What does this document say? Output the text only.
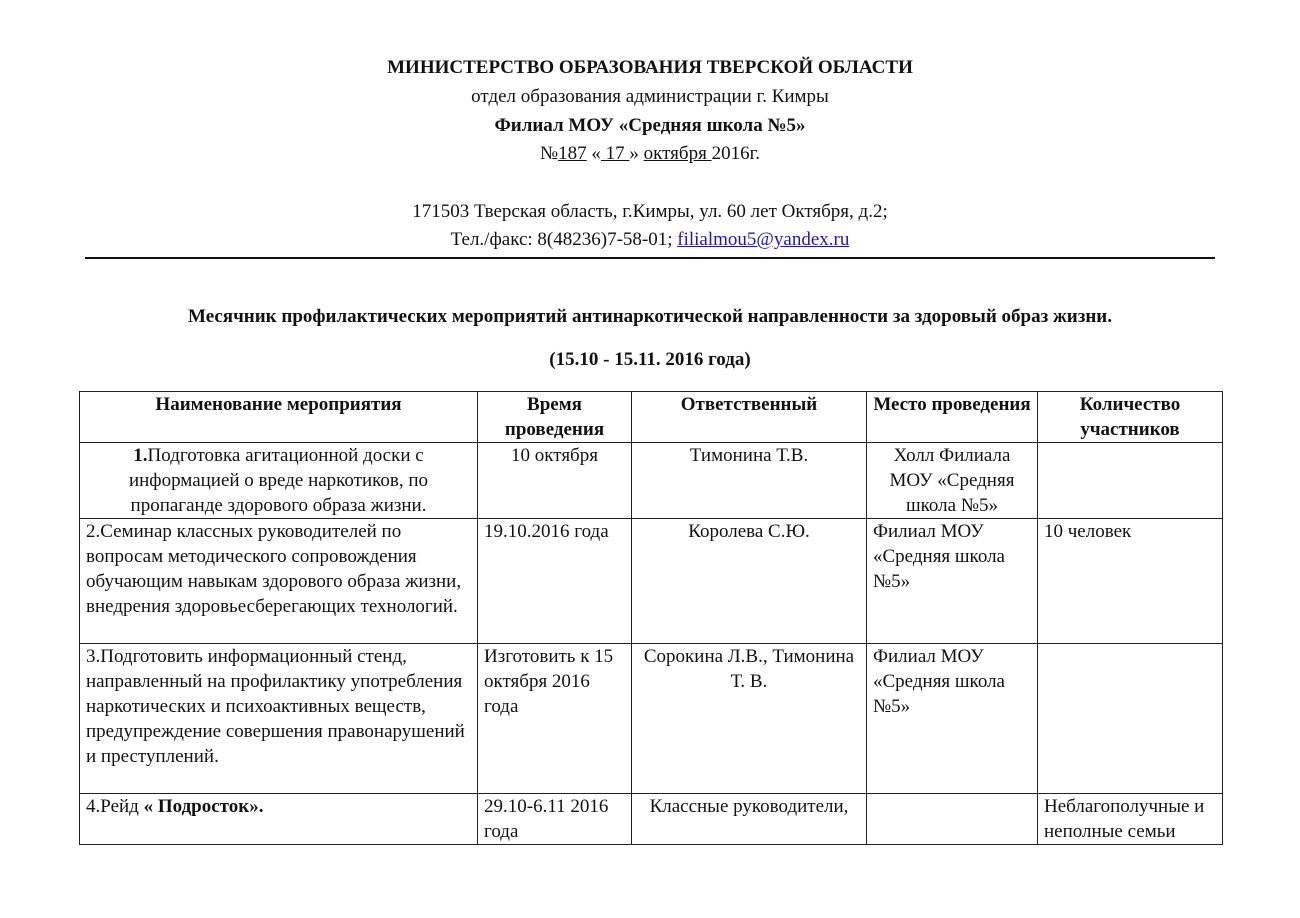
МИНИСТЕРСТВО ОБРАЗОВАНИЯ ТВЕРСКОЙ ОБЛАСТИ
отдел образования администрации г. Кимры
Филиал МОУ «Средняя школа №5»
№187 « 17 » октября 2016г.
171503 Тверская область, г.Кимры, ул. 60 лет Октября, д.2;
Тел./факс: 8(48236)7-58-01; filialmou5@yandex.ru
Месячник профилактических мероприятий антинаркотической направленности за здоровый образ жизни.
(15.10 - 15.11. 2016 года)
Наименование мероприятия	Время проведения	Ответственный	Место проведения	Количество участников
1.Подготовка агитационной доски с информацией о вреде наркотиков, по пропаганде здорового образа жизни.	10 октября	Тимонина Т.В.	Холл Филиала МОУ «Средняя школа №5»	
2.Семинар классных руководителей по вопросам методического сопровождения обучающим навыкам здорового образа жизни, внедрения здоровьесберегающих технологий.	19.10.2016 года	Королева С.Ю.	Филиал МОУ «Средняя школа №5»	10 человек
3.Подготовить информационный стенд, направленный на профилактику употребления наркотических и психоактивных веществ, предупреждение совершения правонарушений и преступлений.	Изготовить к 15 октября 2016 года	Сорокина Л.В., Тимонина Т. В.	Филиал МОУ «Средняя школа №5»	
4.Рейд « Подросток».	29.10-6.11 2016 года	Классные руководители,		Неблагополучные и неполные семьи
